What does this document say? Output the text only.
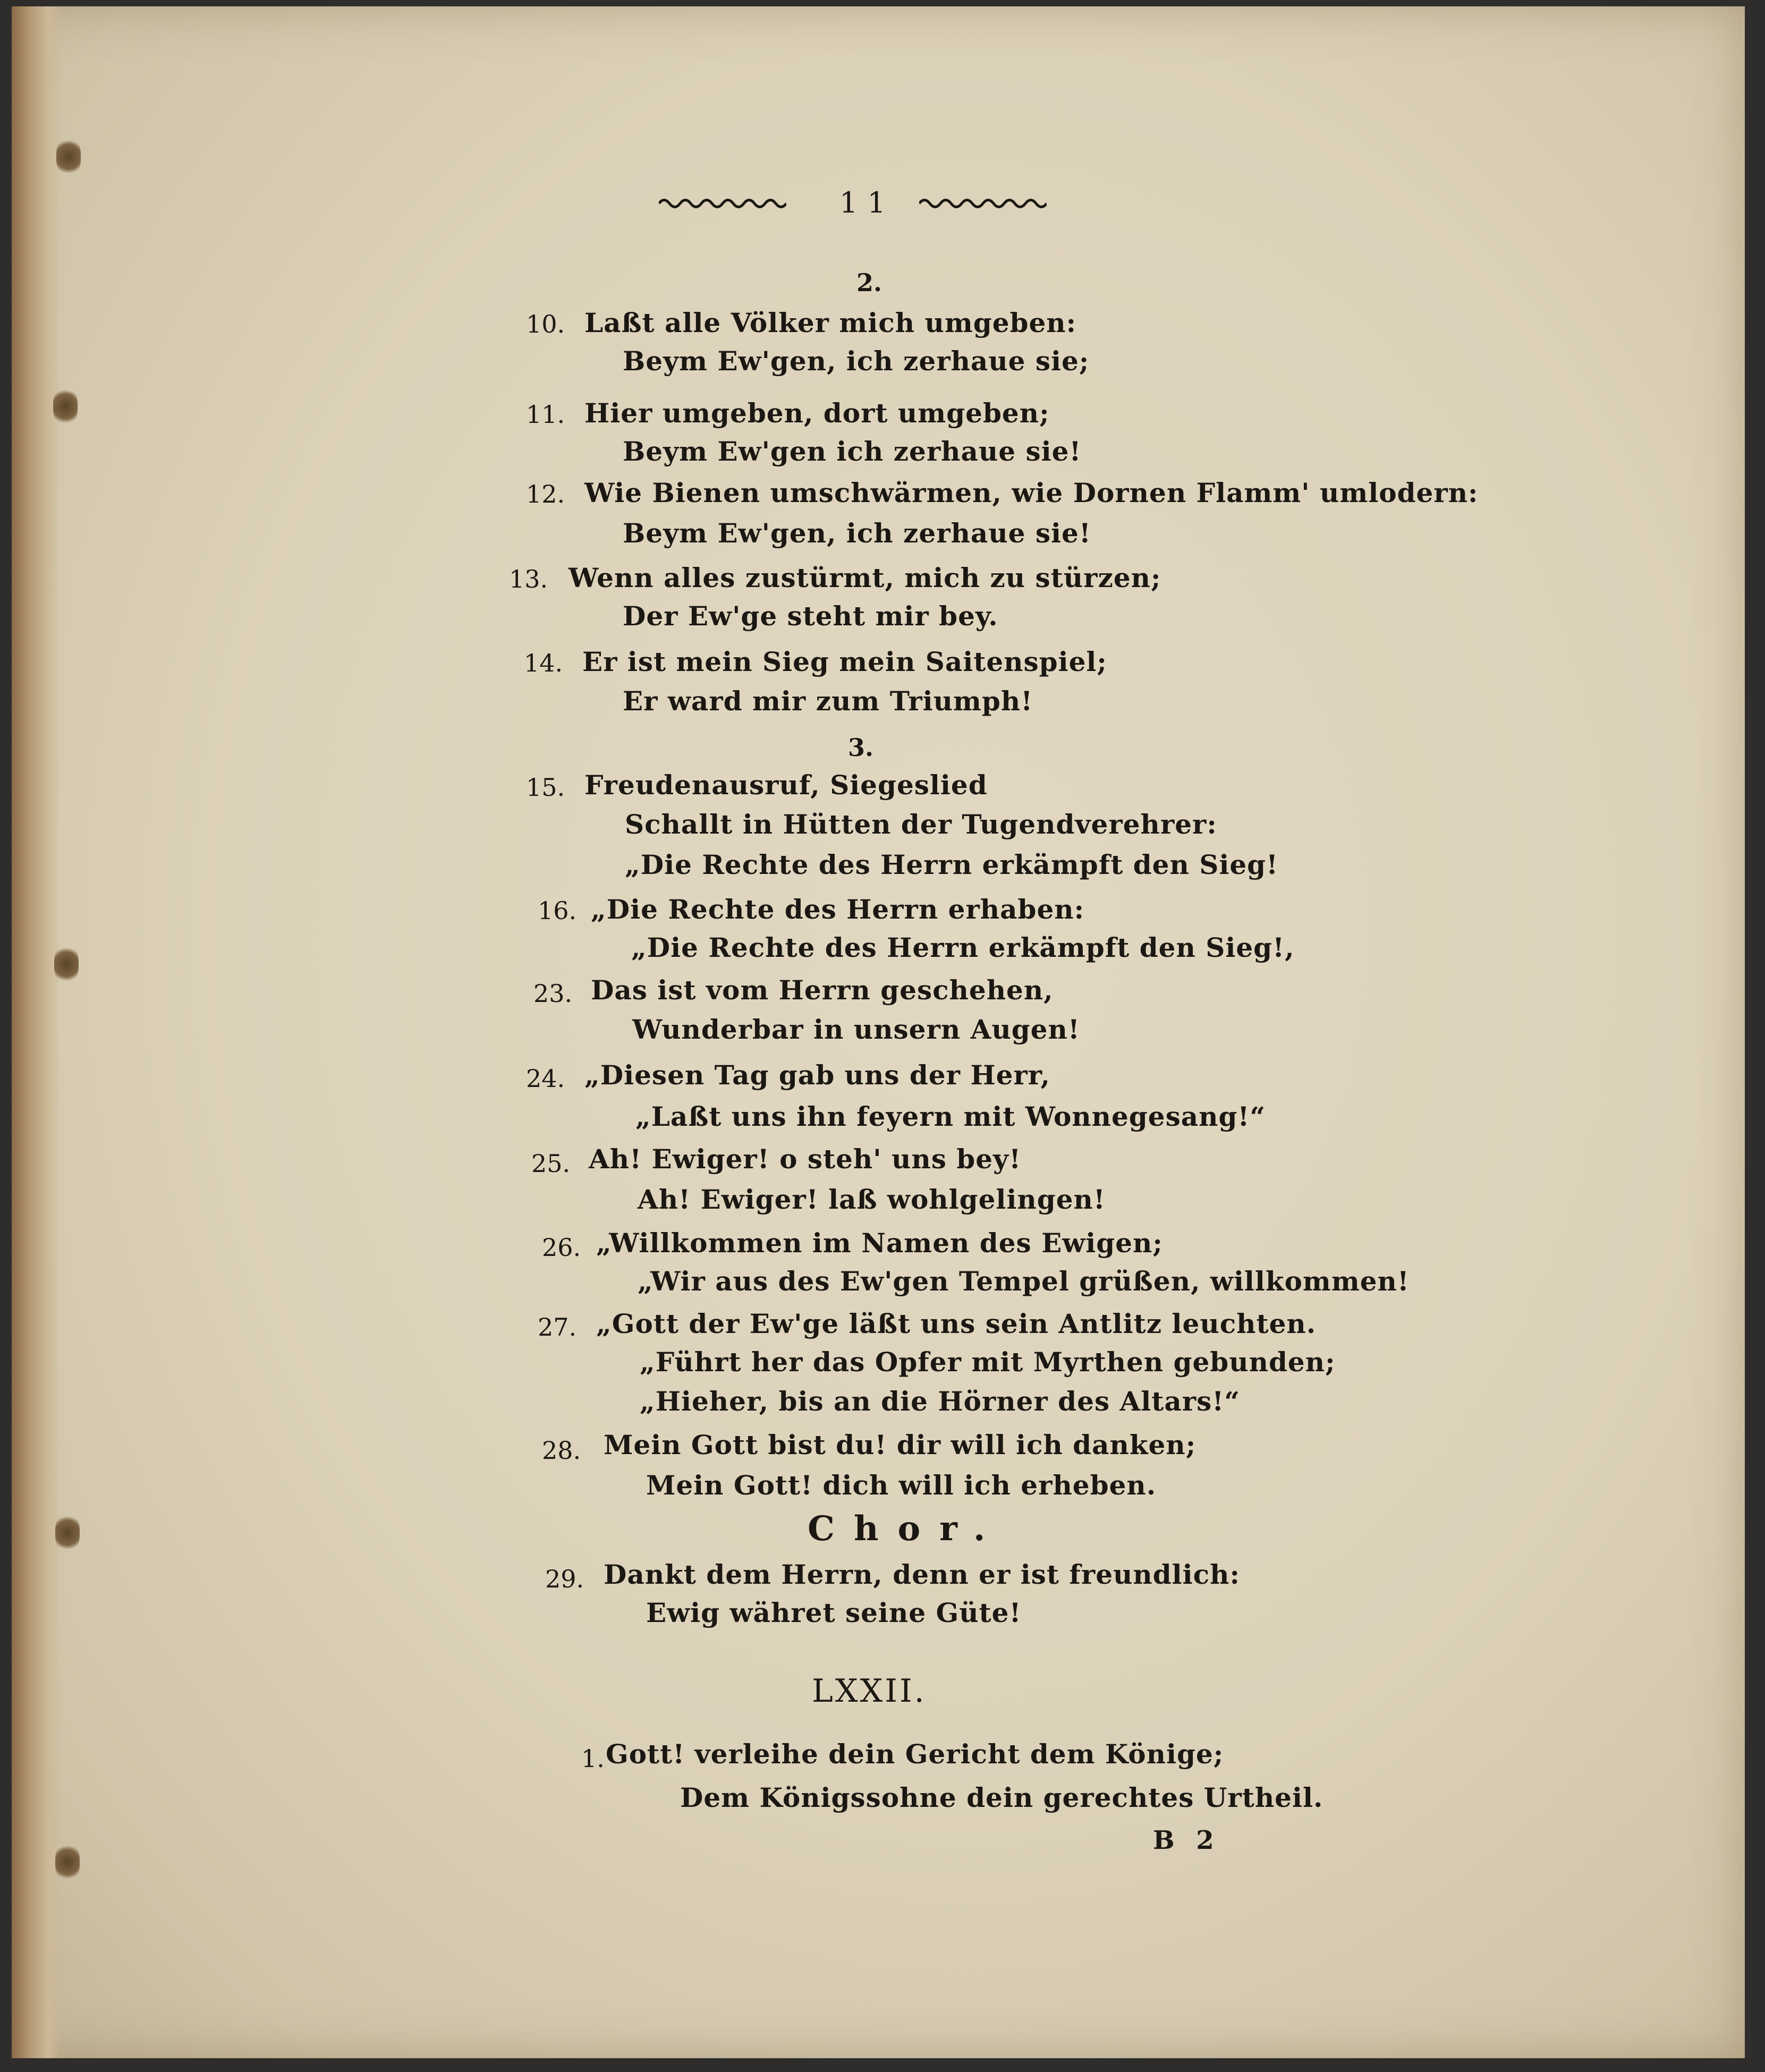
11
2.
10. Laßt alle Völker mich umgeben:
Beym Ew'gen, ich zerhaue sie;
11. Hier umgeben, dort umgeben;
Beym Ew'gen ich zerhaue sie!
12. Wie Bienen umschwärmen, wie Dornen Flamm' umlodern:
Beym Ew'gen, ich zerhaue sie!
13. Wenn alles zustürmt, mich zu stürzen;
Der Ew'ge steht mir bey.
14. Er ist mein Sieg mein Saitenspiel;
Er ward mir zum Triumph!
3.
15. Freudenausruf, Siegeslied
Schallt in Hütten der Tugendverehrer:
„Die Rechte des Herrn erkämpft den Sieg!
16. „Die Rechte des Herrn erhaben:
„Die Rechte des Herrn erkämpft den Sieg!,
23. Das ist vom Herrn geschehen,
Wunderbar in unsern Augen!
24. „Diesen Tag gab uns der Herr,
„Laßt uns ihn feyern mit Wonnegesang!“
25. Ah! Ewiger! o steh' uns bey!
Ah! Ewiger! laß wohlgelingen!
26. „Willkommen im Namen des Ewigen;
„Wir aus des Ew'gen Tempel grüßen, willkommen!
27. „Gott der Ew'ge läßt uns sein Antlitz leuchten.
„Führt her das Opfer mit Myrthen gebunden;
„Hieher, bis an die Hörner des Altars!“
28. Mein Gott bist du! dir will ich danken;
Mein Gott! dich will ich erheben.
Chor.
29. Dankt dem Herrn, denn er ist freundlich:
Ewig währet seine Güte!
LXXII.
1. Gott! verleihe dein Gericht dem Könige;
Dem Königssohne dein gerechtes Urtheil.
B 2
